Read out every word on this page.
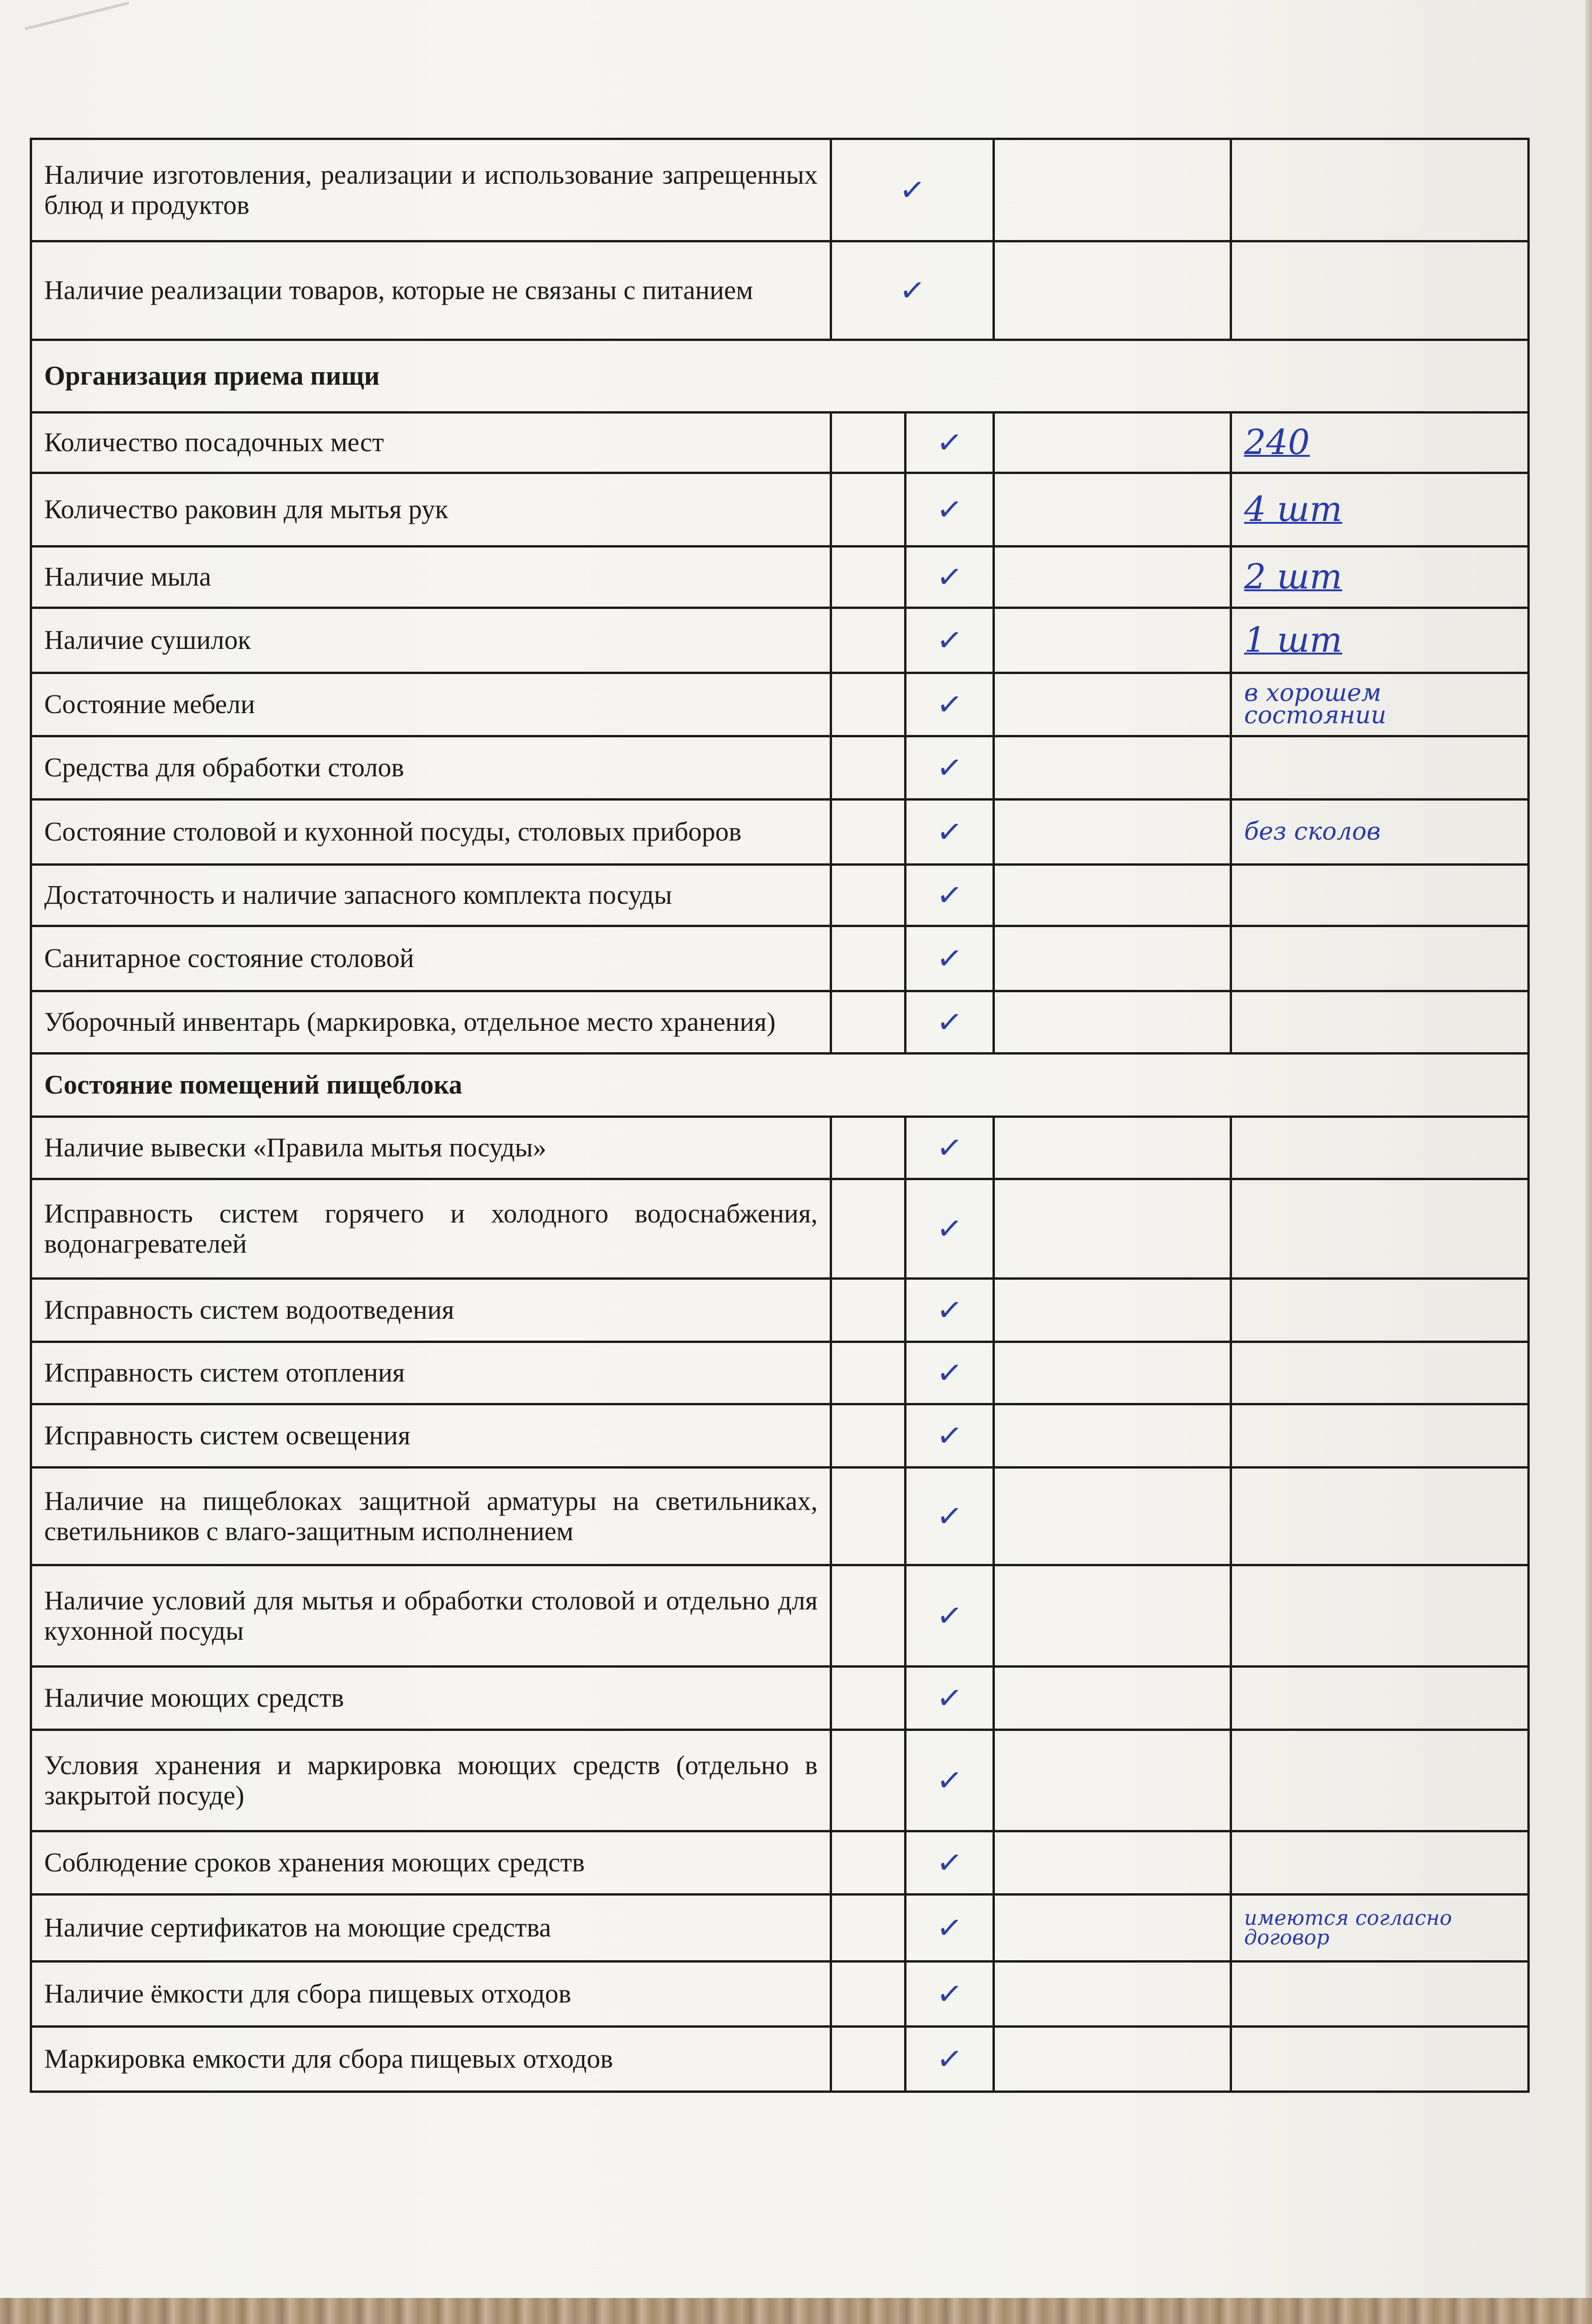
Наличие изготовления, реализации и использование запрещенных блюд и продуктов	✓			
Наличие реализации товаров, которые не связаны с питанием	✓			
Организация приема пищи				
Количество посадочных мест		✓		240
Количество раковин для мытья рук		✓		4 шт
Наличие мыла		✓		2 шт
Наличие сушилок		✓		1 шт
Состояние мебели		✓		в хорошем состоянии
Средства для обработки столов		✓		
Состояние столовой и кухонной посуды, столовых приборов		✓		без сколов
Достаточность и наличие запасного комплекта посуды		✓		
Санитарное состояние столовой		✓		
Уборочный инвентарь (маркировка, отдельное место хранения)		✓		
Состояние помещений пищеблока				
Наличие вывески «Правила мытья посуды»		✓		
Исправность систем горячего и холодного водоснабжения, водонагревателей		✓		
Исправность систем водоотведения		✓		
Исправность систем отопления		✓		
Исправность систем освещения		✓		
Наличие на пищеблоках защитной арматуры на светильниках, светильников с влаго-защитным исполнением		✓		
Наличие условий для мытья и обработки столовой и отдельно для кухонной посуды		✓		
Наличие моющих средств		✓		
Условия хранения и маркировка моющих средств (отдельно в закрытой посуде)		✓		
Соблюдение сроков хранения моющих средств		✓		
Наличие сертификатов на моющие средства		✓		имеются согласно договор
Наличие ёмкости для сбора пищевых отходов		✓		
Маркировка емкости для сбора пищевых отходов		✓		
